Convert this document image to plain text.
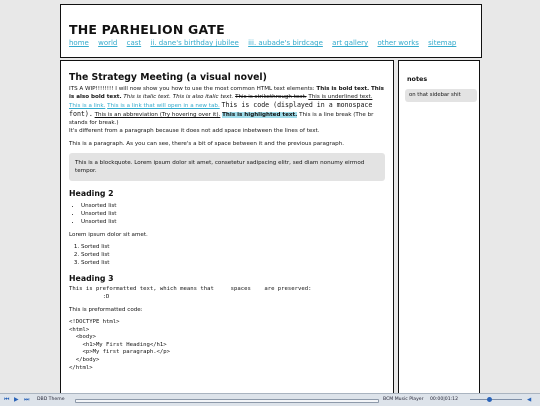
THE PARHELION GATE
home world cast ii. dane's birthday jubilee iii. aubade's birdcage art gallery other works sitemap
The Strategy Meeting (a visual novel)

ITS A WIP!!!!!!!! I will now show you how to use the most common HTML text elements: This is bold text. This is also bold text. This is italic text. This is also italic text. This is strikethrough text. This is underlined text. This is a link. This is a link that will open in a new tab. This is code (displayed in a monospace font). This is an abbreviation (Try hovering over it). This is highlighted text. This is a line break (The br stands for break.)
It's different from a paragraph because it does not add space inbetween the lines of text.

This is a paragraph. As you can see, there's a bit of space between it and the previous paragraph.

This is a blockquote. Lorem ipsum dolor sit amet, consetetur sadipscing elitr, sed diam nonumy eirmod tempor.
Heading 2
• Unsorted list
• Unsorted list
• Unsorted list

Lorem ipsum dolor sit amet.

1. Sorted list
2. Sorted list
3. Sorted list
Heading 3
This is preformatted text, which means that     spaces    are preserved:
:D

This is preformatted code:

<!DOCTYPE html>
<html>
<body>
<h1>My First Heading</h1>
<p>My first paragraph.</p>
</body>
</html>
notes
on that sidebar shit
⏮ ▶ ⏭ DBD Theme	BCM Music Player 00:00|01:12	◀
